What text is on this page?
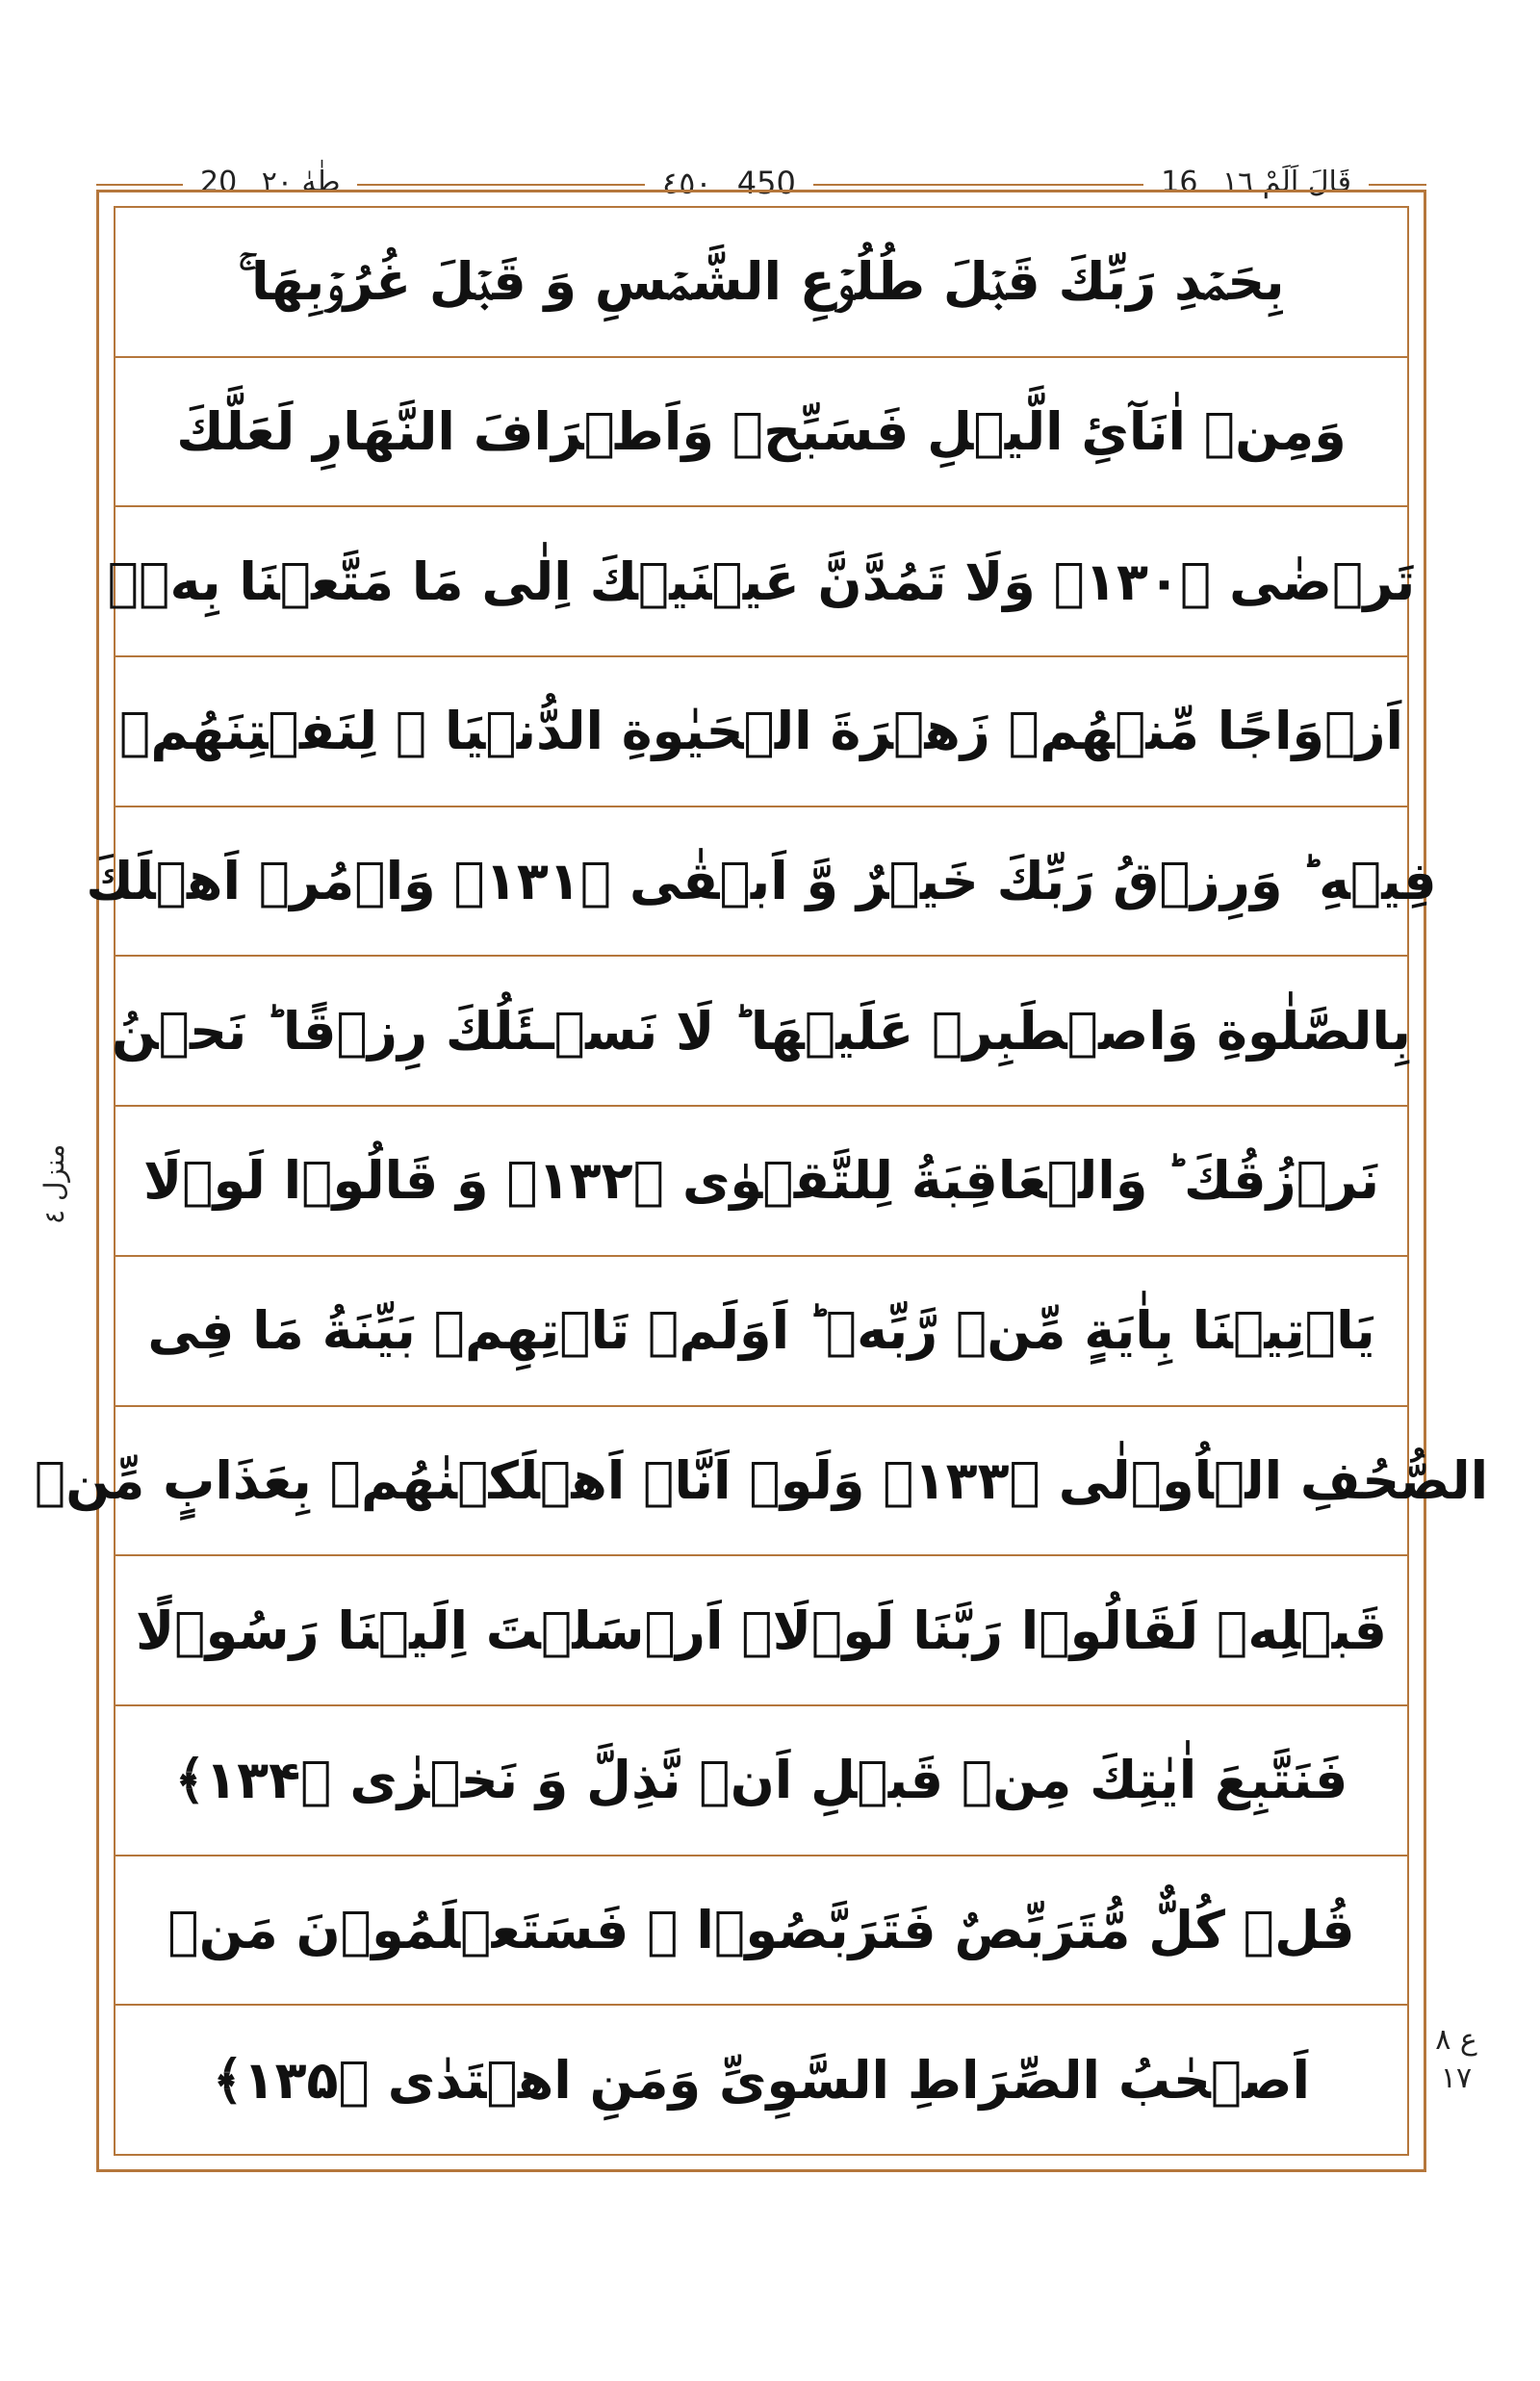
طٰهٰ ٢٠ 20	٤٥٠ 450	قَالَ اَلَمْ ١٦ 16
بِحَمۡدِ رَبِّكَ قَبۡلَ طُلُوۡعِ الشَّمۡسِ وَ قَبۡلَ غُرُوۡبِهَا ۚ
وَمِنۡ اٰنَآئِ الَّيۡلِ فَسَبِّحۡ وَاَطۡرَافَ النَّهَارِ لَعَلَّكَ
تَرۡضٰى ﴿۱۳۰﴾ وَلَا تَمُدَّنَّ عَيۡنَيۡكَ اِلٰى مَا مَتَّعۡنَا بِهٖۤ
اَزۡوَاجًا مِّنۡهُمۡ زَهۡرَةَ الۡحَيٰوةِ الدُّنۡيَا ۙ لِنَفۡتِنَهُمۡ
فِيۡهِ ؕ وَرِزۡقُ رَبِّكَ خَيۡرٌ وَّ اَبۡقٰى ﴿۱۳۱﴾ وَاۡمُرۡ اَهۡلَكَ
بِالصَّلٰوةِ وَاصۡطَبِرۡ عَلَيۡهَا ؕ لَا نَسۡـئَلُكَ رِزۡقًا ؕ نَحۡنُ
نَرۡزُقُكَ ؕ وَالۡعَاقِبَةُ لِلتَّقۡوٰى ﴿۱۳۲﴾ وَ قَالُوۡا لَوۡلَا
يَاۡتِيۡنَا بِاٰيَةٍ مِّنۡ رَّبِّهٖ ؕ اَوَلَمۡ تَاۡتِهِمۡ بَيِّنَةُ مَا فِى
الصُّحُفِ الۡاُوۡلٰى ﴿۱۳۳﴾ وَلَوۡ اَنَّاۤ اَهۡلَكۡنٰهُمۡ بِعَذَابٍ مِّنۡ
قَبۡلِهٖ لَقَالُوۡا رَبَّنَا لَوۡلَاۤ اَرۡسَلۡتَ اِلَيۡنَا رَسُوۡلًا
فَنَتَّبِعَ اٰيٰتِكَ مِنۡ قَبۡلِ اَنۡ نَّذِلَّ وَ نَخۡزٰى ﴿۱۳۴﴾
قُلۡ كُلٌّ مُّتَرَبِّصٌ فَتَرَبَّصُوۡا ۚ فَسَتَعۡلَمُوۡنَ مَنۡ
اَصۡحٰبُ الصِّرَاطِ السَّوِىِّ وَمَنِ اهۡتَدٰى ﴿۱۳۵﴾
منزل ٤
ع ٨ ١٧
